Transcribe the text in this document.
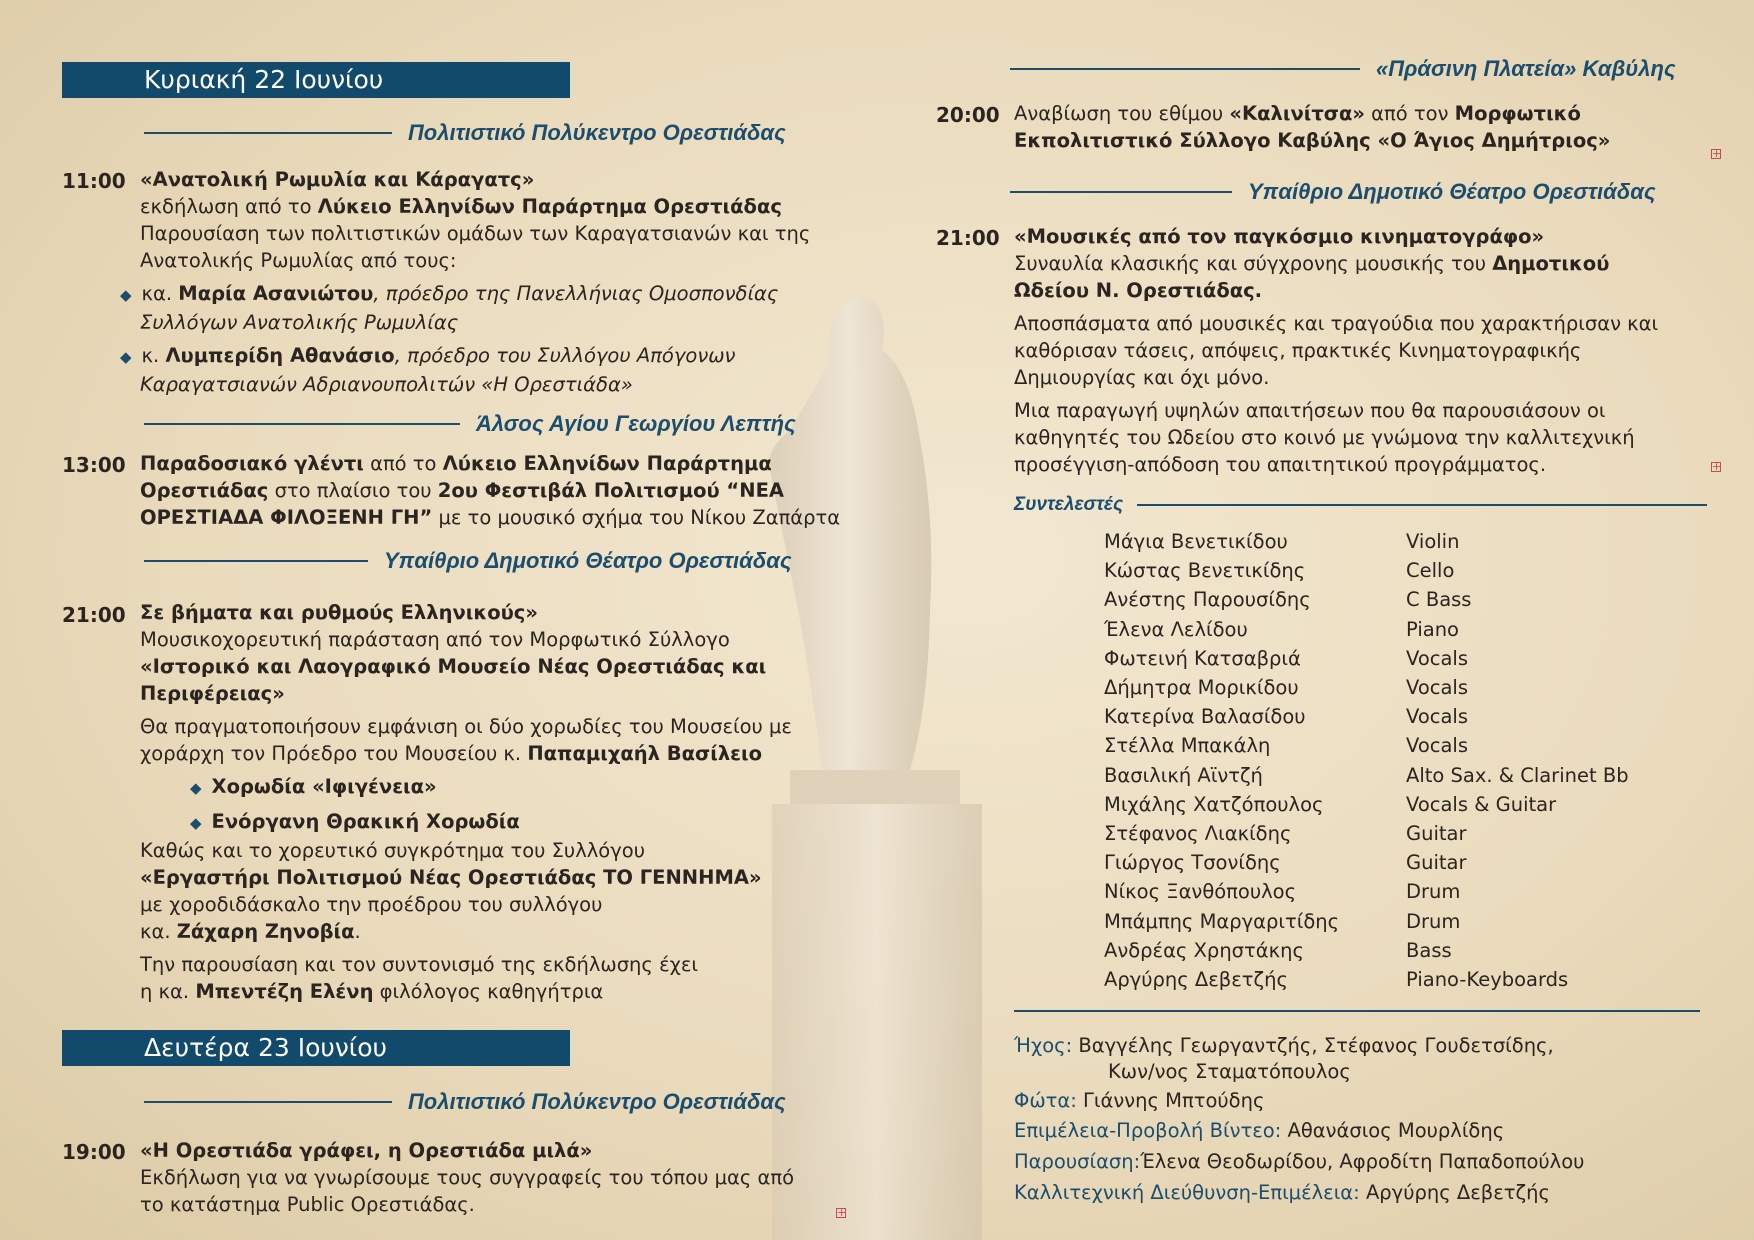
Κυριακή 22 Ιουνίου
Πολιτιστικό Πολύκεντρο Ορεστιάδας
11:00 «Ανατολική Ρωμυλία και Κάραγατς»
εκδήλωση από το Λύκειο Ελληνίδων Παράρτημα Ορεστιάδας
Παρουσίαση των πολιτιστικών ομάδων των Καραγατσιανών και της
Ανατολικής Ρωμυλίας από τους:
◆ κα. Μαρία Ασανιώτου, πρόεδρο της Πανελλήνιας Ομοσπονδίας
Συλλόγων Ανατολικής Ρωμυλίας
◆ κ. Λυμπερίδη Αθανάσιο, πρόεδρο του Συλλόγου Απόγονων
Καραγατσιανών Αδριανουπολιτών «Η Ορεστιάδα»
Άλσος Αγίου Γεωργίου Λεπτής
13:00 Παραδοσιακό γλέντι από το Λύκειο Ελληνίδων Παράρτημα
Ορεστιάδας στο πλαίσιο του 2ου Φεστιβάλ Πολιτισμού “ΝΕΑ
ΟΡΕΣΤΙΑΔΑ ΦΙΛΟΞΕΝΗ ΓΗ” με το μουσικό σχήμα του Νίκου Ζαπάρτα
Υπαίθριο Δημοτικό Θέατρο Ορεστιάδας
21:00 Σε βήματα και ρυθμούς Ελληνικούς»
Μουσικοχορευτική παράσταση από τον Μορφωτικό Σύλλογο
«Ιστορικό και Λαογραφικό Μουσείο Νέας Ορεστιάδας και
Περιφέρειας»
Θα πραγματοποιήσουν εμφάνιση οι δύο χορωδίες του Μουσείου με
χοράρχη τον Πρόεδρο του Μουσείου κ. Παπαμιχαήλ Βασίλειο
◆ Χορωδία «Ιφιγένεια»
◆ Ενόργανη Θρακική Χορωδία
Καθώς και το χορευτικό συγκρότημα του Συλλόγου
«Εργαστήρι Πολιτισμού Νέας Ορεστιάδας ΤΟ ΓΕΝΝΗΜΑ»
με χοροδιδάσκαλο την προέδρου του συλλόγου
κα. Ζάχαρη Ζηνοβία.
Την παρουσίαση και τον συντονισμό της εκδήλωσης έχει
η κα. Μπεντέζη Ελένη φιλόλογος καθηγήτρια
Δευτέρα 23 Ιουνίου
Πολιτιστικό Πολύκεντρο Ορεστιάδας
19:00 «Η Ορεστιάδα γράφει, η Ορεστιάδα μιλά»
Εκδήλωση για να γνωρίσουμε τους συγγραφείς του τόπου μας από
το κατάστημα Public Ορεστιάδας.
«Πράσινη Πλατεία» Καβύλης
20:00 Αναβίωση του εθίμου «Καλινίτσα» από τον Μορφωτικό
Εκπολιτιστικό Σύλλογο Καβύλης «Ο Άγιος Δημήτριος»
Υπαίθριο Δημοτικό Θέατρο Ορεστιάδας
21:00 «Μουσικές από τον παγκόσμιο κινηματογράφο»
Συναυλία κλασικής και σύγχρονης μουσικής του Δημοτικού
Ωδείου Ν. Ορεστιάδας.
Αποσπάσματα από μουσικές και τραγούδια που χαρακτήρισαν και
καθόρισαν τάσεις, απόψεις, πρακτικές Κινηματογραφικής
Δημιουργίας και όχι μόνο.
Μια παραγωγή υψηλών απαιτήσεων που θα παρουσιάσουν οι
καθηγητές του Ωδείου στο κοινό με γνώμονα την καλλιτεχνική
προσέγγιση-απόδοση του απαιτητικού προγράμματος.
Συντελεστές
Μάγια Βενετικίδου	Violin
Κώστας Βενετικίδης	Cello
Ανέστης Παρουσίδης	C Bass
Έλενα Λελίδου	Piano
Φωτεινή Κατσαβριά	Vocals
Δήμητρα Μορικίδου	Vocals
Κατερίνα Βαλασίδου	Vocals
Στέλλα Μπακάλη	Vocals
Βασιλική Αϊντζή	Alto Sax. & Clarinet Bb
Μιχάλης Χατζόπουλος	Vocals & Guitar
Στέφανος Λιακίδης	Guitar
Γιώργος Τσονίδης	Guitar
Νίκος Ξανθόπουλος	Drum
Μπάμπης Μαργαριτίδης	Drum
Ανδρέας Χρηστάκης	Bass
Αργύρης Δεβετζής	Piano-Keyboards
Ήχος: Βαγγέλης Γεωργαντζής, Στέφανος Γουδετσίδης,
Κων/νος Σταματόπουλος
Φώτα: Γιάννης Μπτούδης
Επιμέλεια-Προβολή Βίντεο: Αθανάσιος Μουρλίδης
Παρουσίαση:Έλενα Θεοδωρίδου, Αφροδίτη Παπαδοπούλου
Καλλιτεχνική Διεύθυνση-Επιμέλεια: Αργύρης Δεβετζής
+
+
+
